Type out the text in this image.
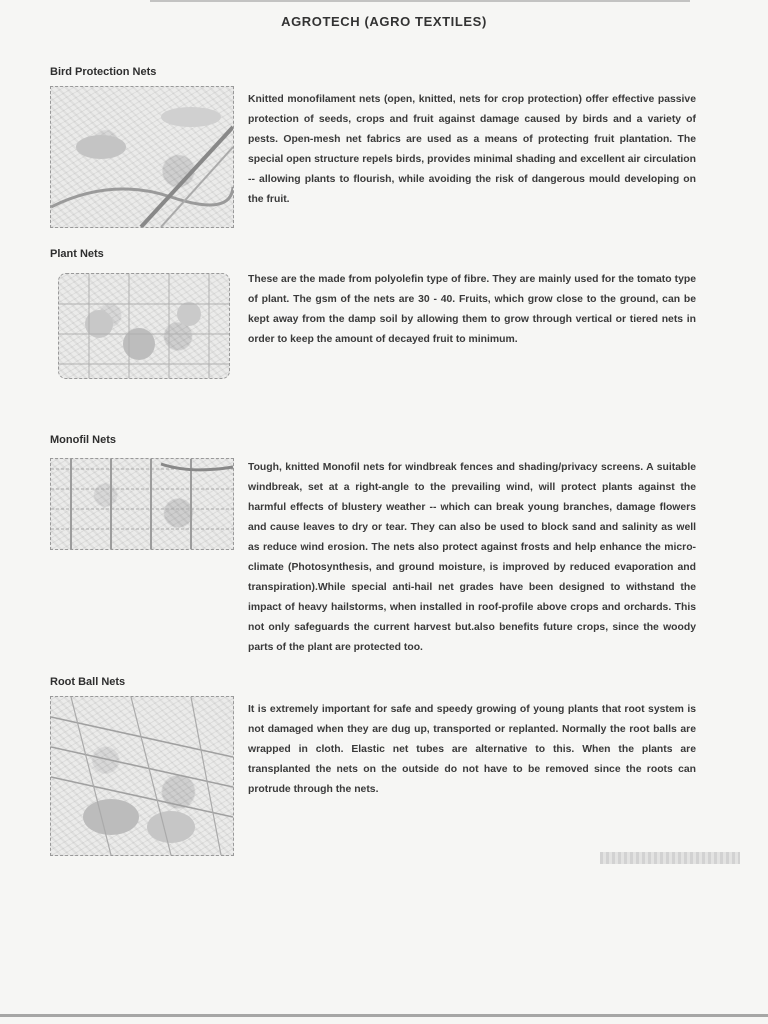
AGROTECH (AGRO TEXTILES)
Bird Protection Nets
Knitted monofilament nets (open, knitted, nets for crop protection) offer effective passive protection of seeds, crops and fruit against damage caused by birds and a variety of pests. Open-mesh net fabrics are used as a means of protecting fruit plantation. The special open structure repels birds, provides minimal shading and excellent air circulation -- allowing plants to flourish, while avoiding the risk of dangerous mould developing on the fruit.
Plant Nets
These are the made from polyolefin type of fibre. They are mainly used for the tomato type of plant. The gsm of the nets are 30 - 40. Fruits, which grow close to the ground, can be kept away from the damp soil by allowing them to grow through vertical or tiered nets in order to keep the amount of decayed fruit to minimum.
Monofil Nets
Tough, knitted Monofil nets for windbreak fences and shading/privacy screens. A suitable windbreak, set at a right-angle to the prevailing wind, will protect plants against the harmful effects of blustery weather -- which can break young branches, damage flowers and cause leaves to dry or tear. They can also be used to block sand and salinity as well as reduce wind erosion. The nets also protect against frosts and help enhance the micro-climate (Photosynthesis, and ground moisture, is improved by reduced evaporation and transpiration).While special anti-hail net grades have been designed to withstand the impact of heavy hailstorms, when installed in roof-profile above crops and orchards. This not only safeguards the current harvest but.also benefits future crops, since the woody parts of the plant are protected too.
Root Ball Nets
It is extremely important for safe and speedy growing of young plants that root system is not damaged when they are dug up, transported or replanted. Normally the root balls are wrapped in cloth. Elastic net tubes are alternative to this. When the plants are transplanted the nets on the outside do not have to be removed since the roots can protrude through the nets.
